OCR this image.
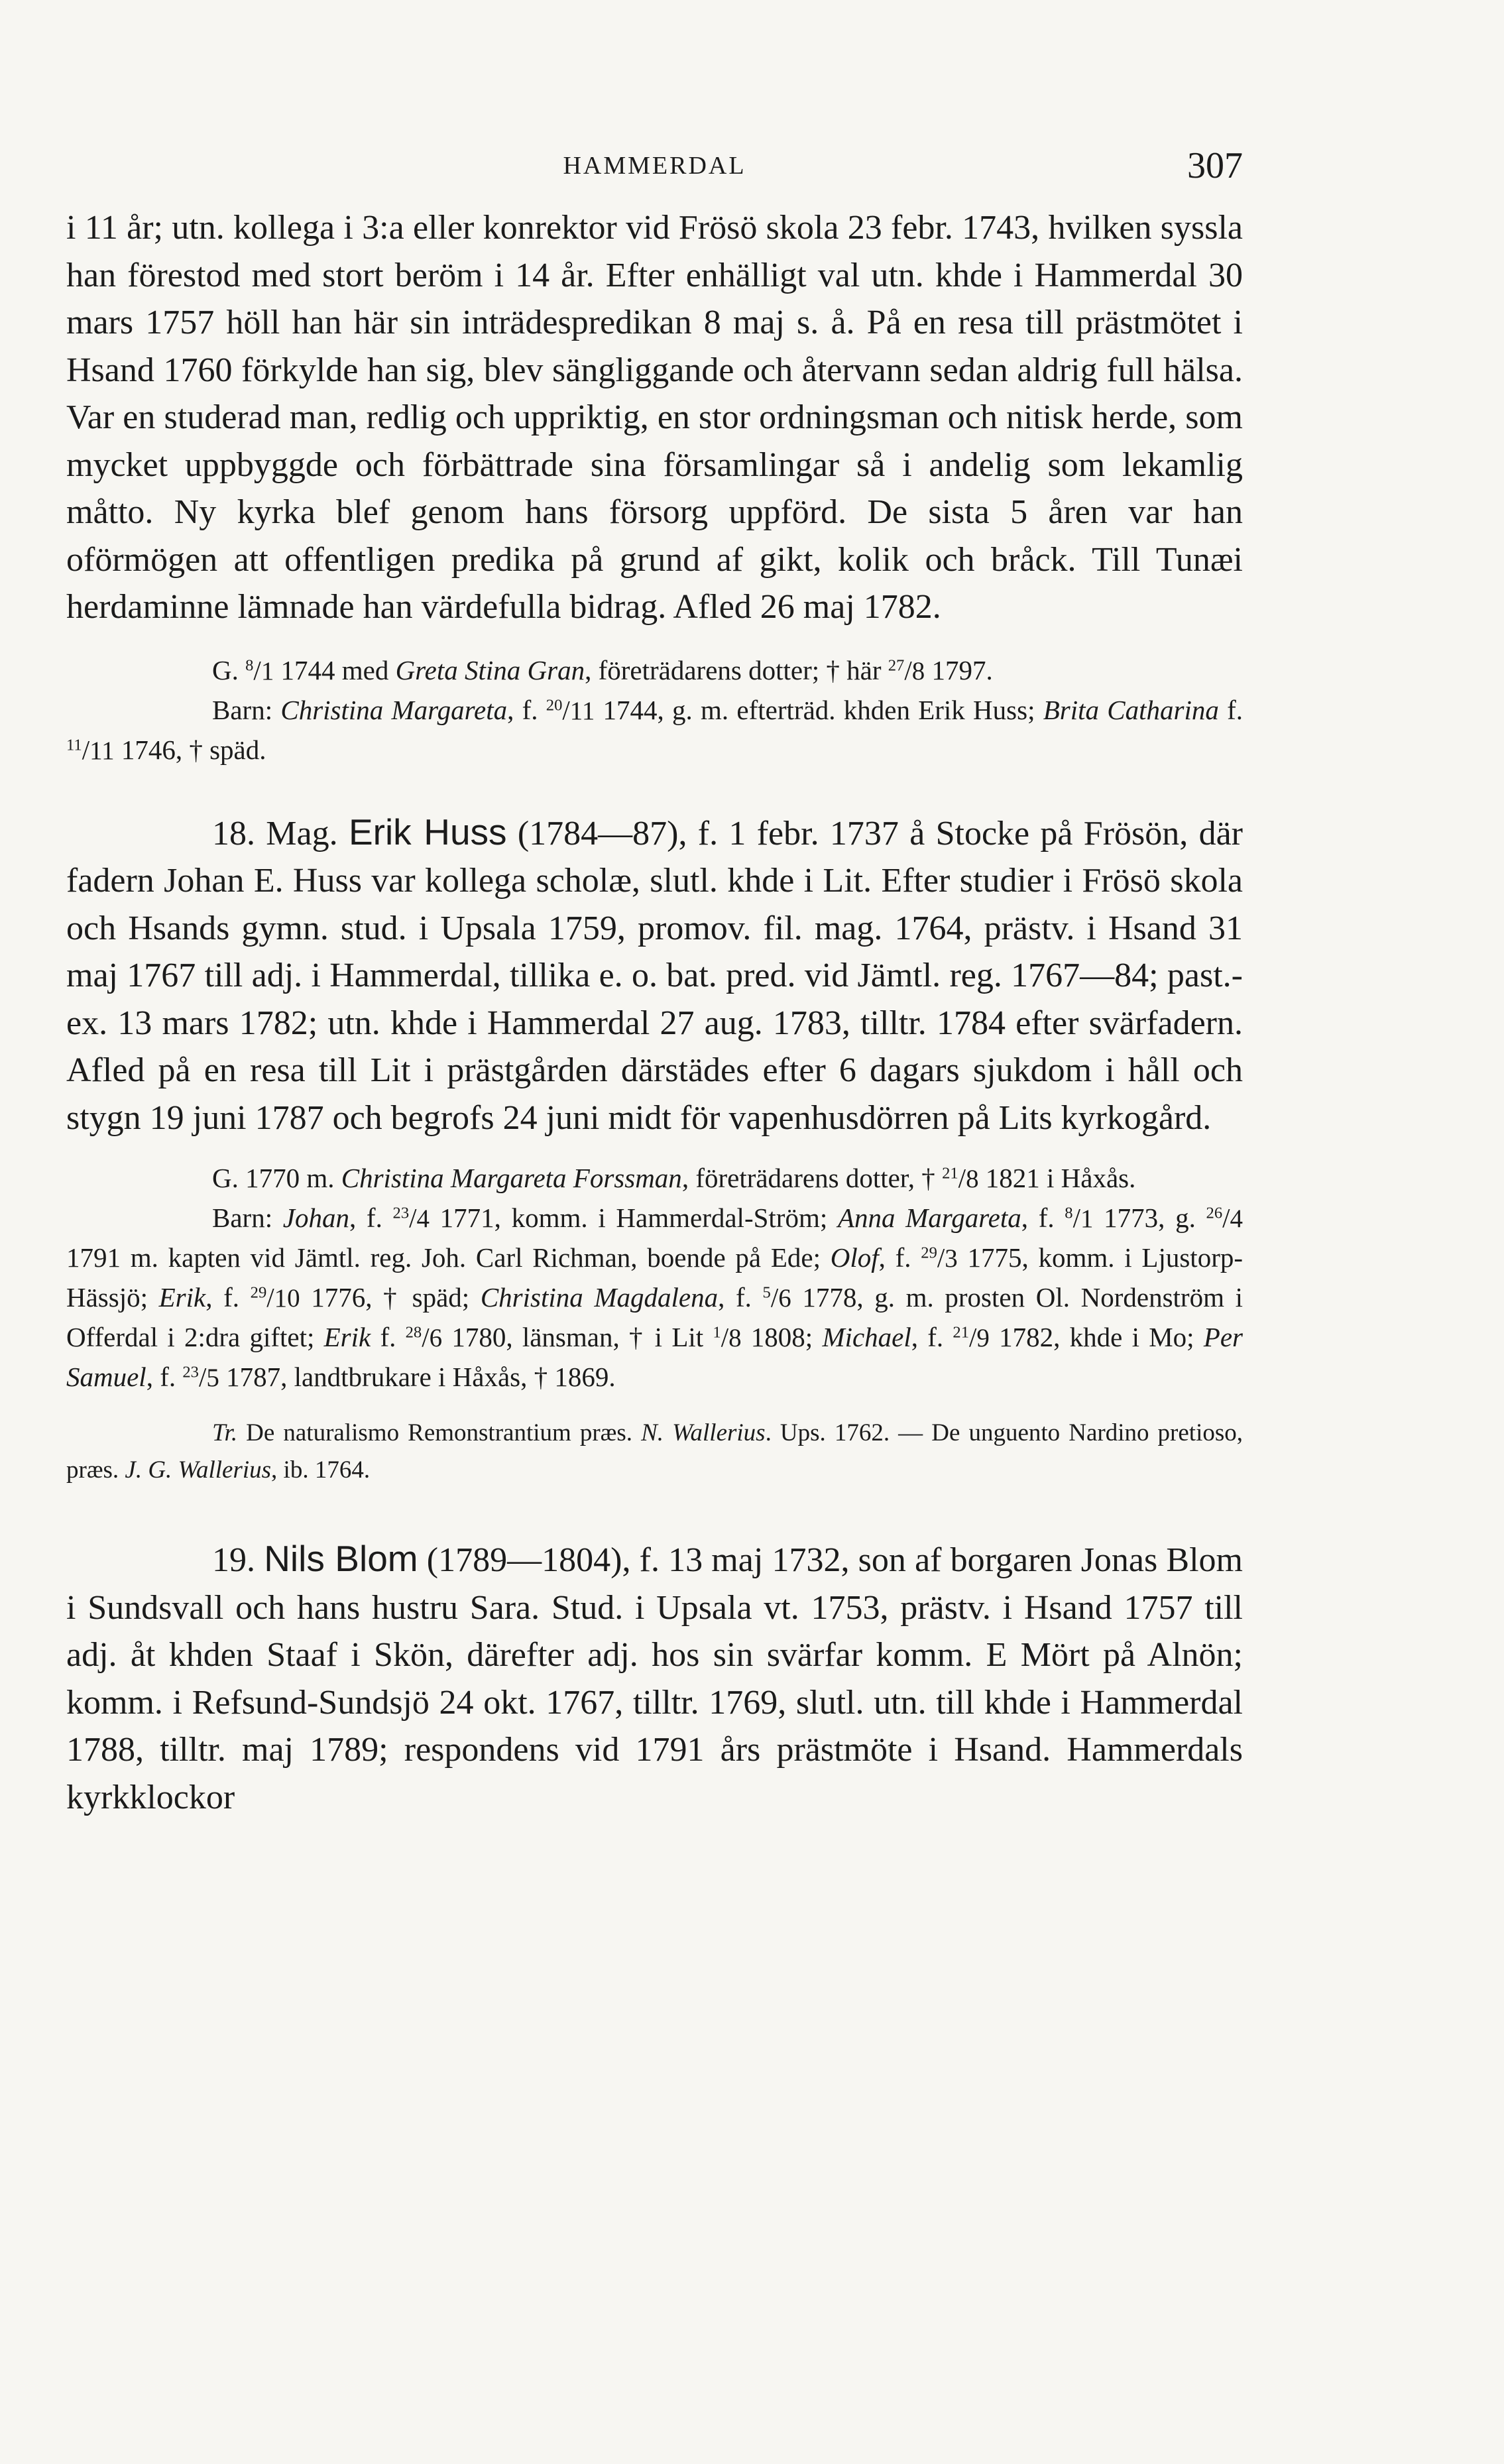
HAMMERDAL	307

i 11 år; utn. kollega i 3:a eller konrektor vid Frösö skola 23 febr. 1743, hvilken syssla han förestod med stort beröm i 14 år. Efter enhälligt val utn. khde i Hammerdal 30 mars 1757 höll han här sin inträdespredikan 8 maj s. å. På en resa till prästmötet i Hsand 1760 förkylde han sig, blev sängliggande och återvann sedan aldrig full hälsa. Var en studerad man, redlig och uppriktig, en stor ordningsman och nitisk herde, som mycket uppbyggde och förbättrade sina församlingar så i andelig som lekamlig måtto. Ny kyrka blef genom hans försorg uppförd. De sista 5 åren var han oförmögen att offentligen predika på grund af gikt, kolik och bråck. Till Tunæi herdaminne lämnade han värdefulla bidrag. Afled 26 maj 1782.

G. $^8$/1 1744 med Greta Stina Gran, företrädarens dotter; † här $^{27}$/8 1797.
Barn: Christina Margareta, f. $^{20}$/11 1744, g. m. efterträd. khden Erik Huss; Brita Catharina f. $^{11}$/11 1746, † späd.

18. Mag. Erik Huss (1784—87), f. 1 febr. 1737 å Stocke på Frösön, där fadern Johan E. Huss var kollega scholæ, slutl. khde i Lit. Efter studier i Frösö skola och Hsands gymn. stud. i Upsala 1759, promov. fil. mag. 1764, prästv. i Hsand 31 maj 1767 till adj. i Hammerdal, tillika e. o. bat. pred. vid Jämtl. reg. 1767—84; past.-ex. 13 mars 1782; utn. khde i Hammerdal 27 aug. 1783, tilltr. 1784 efter svärfadern. Afled på en resa till Lit i prästgården därstädes efter 6 dagars sjukdom i håll och stygn 19 juni 1787 och begrofs 24 juni midt för vapenhusdörren på Lits kyrkogård.

G. 1770 m. Christina Margareta Forssman, företrädarens dotter, † $^{21}$/8 1821 i Håxås.
Barn: Johan, f. $^{23}$/4 1771, komm. i Hammerdal-Ström; Anna Margareta, f. $^8$/1 1773, g. $^{26}$/4 1791 m. kapten vid Jämtl. reg. Joh. Carl Richman, boende på Ede; Olof, f. $^{29}$/3 1775, komm. i Ljustorp-Hässjö; Erik, f. $^{29}$/10 1776, † späd; Christina Magdalena, f. $^5$/6 1778, g. m. prosten Ol. Nordenström i Offerdal i 2:dra giftet; Erik f. $^{28}$/6 1780, länsman, † i Lit $^1$/8 1808; Michael, f. $^{21}$/9 1782, khde i Mo; Per Samuel, f. $^{23}$/5 1787, landtbrukare i Håxås, † 1869.

Tr. De naturalismo Remonstrantium præs. N. Wallerius. Ups. 1762. — De unguento Nardino pretioso, præs. J. G. Wallerius, ib. 1764.

19. Nils Blom (1789—1804), f. 13 maj 1732, son af borgaren Jonas Blom i Sundsvall och hans hustru Sara. Stud. i Upsala vt. 1753, prästv. i Hsand 1757 till adj. åt khden Staaf i Skön, därefter adj. hos sin svärfar komm. E Mört på Alnön; komm. i Refsund-Sundsjö 24 okt. 1767, tilltr. 1769, slutl. utn. till khde i Hammerdal 1788, tilltr. maj 1789; respondens vid 1791 års prästmöte i Hsand. Hammerdals kyrkklockor
